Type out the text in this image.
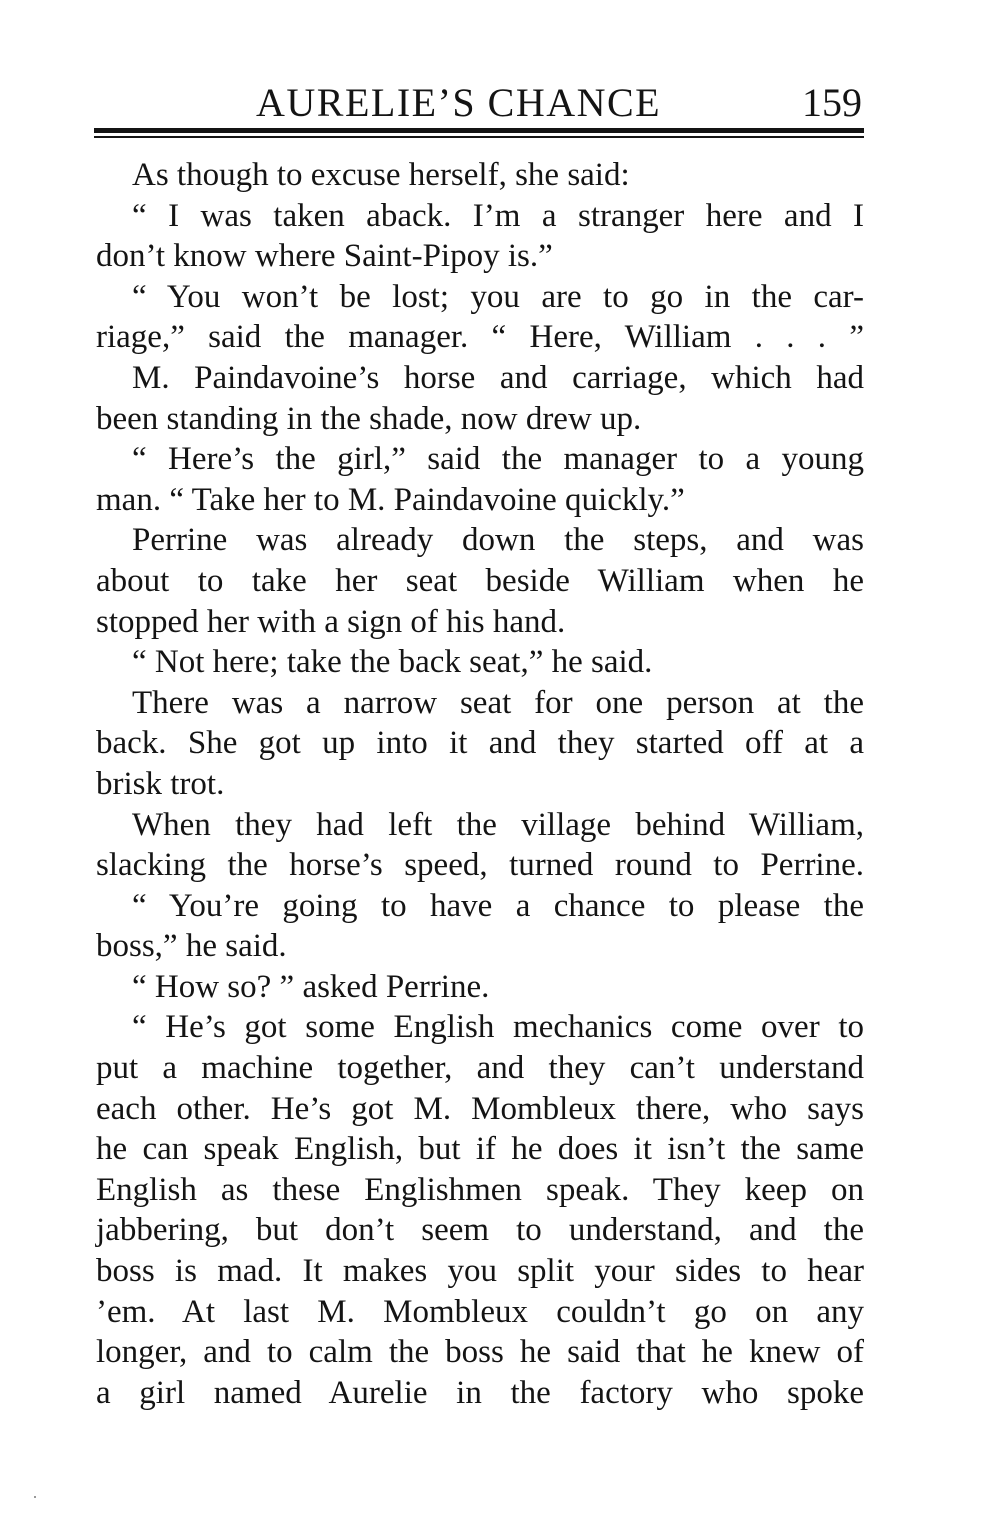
AURELIE’S CHANCE	159
As though to excuse herself, she said:
“ I was taken aback. I’m a stranger here and I
don’t know where Saint-Pipoy is.”
“ You won’t be lost; you are to go in the car-
riage,” said the manager. “ Here, William . . . ”
M. Paindavoine’s horse and carriage, which had
been standing in the shade, now drew up.
“ Here’s the girl,” said the manager to a young
man. “ Take her to M. Paindavoine quickly.”
Perrine was already down the steps, and was
about to take her seat beside William when he
stopped her with a sign of his hand.
“ Not here; take the back seat,” he said.
There was a narrow seat for one person at the
back. She got up into it and they started off at a
brisk trot.
When they had left the village behind William,
slacking the horse’s speed, turned round to Perrine.
“ You’re going to have a chance to please the
boss,” he said.
“ How so? ” asked Perrine.
“ He’s got some English mechanics come over to
put a machine together, and they can’t understand
each other. He’s got M. Mombleux there, who says
he can speak English, but if he does it isn’t the same
English as these Englishmen speak. They keep on
jabbering, but don’t seem to understand, and the
boss is mad. It makes you split your sides to hear
’em. At last M. Mombleux couldn’t go on any
longer, and to calm the boss he said that he knew of
a girl named Aurelie in the factory who spoke
